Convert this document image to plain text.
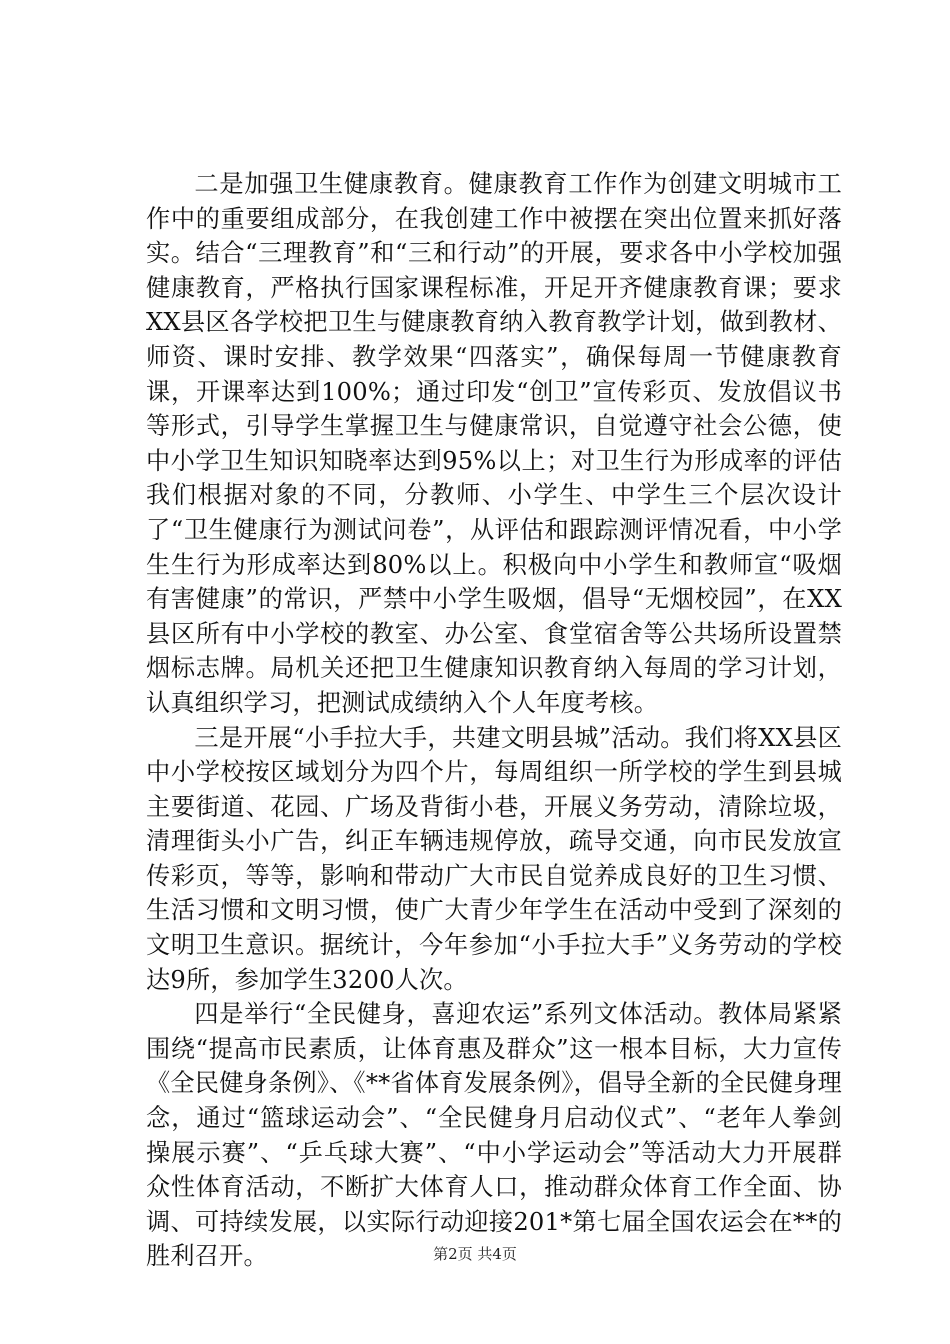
二是加强卫生健康教育。健康教育工作作为创建文明城市工作中的重要组成部分，在我创建工作中被摆在突出位置来抓好落实。结合“三理教育”和“三和行动”的开展，要求各中小学校加强健康教育，严格执行国家课程标准，开足开齐健康教育课；要求XX县区各学校把卫生与健康教育纳入教育教学计划，做到教材、师资、课时安排、教学效果“四落实”，确保每周一节健康教育课，开课率达到100%；通过印发“创卫”宣传彩页、发放倡议书等形式，引导学生掌握卫生与健康常识，自觉遵守社会公德，使中小学卫生知识知晓率达到95%以上；对卫生行为形成率的评估我们根据对象的不同，分教师、小学生、中学生三个层次设计了“卫生健康行为测试问卷”，从评估和跟踪测评情况看，中小学生生行为形成率达到80%以上。积极向中小学生和教师宣“吸烟有害健康”的常识，严禁中小学生吸烟，倡导“无烟校园”，在XX县区所有中小学校的教室、办公室、食堂宿舍等公共场所设置禁烟标志牌。局机关还把卫生健康知识教育纳入每周的学习计划，认真组织学习，把测试成绩纳入个人年度考核。

三是开展“小手拉大手，共建文明县城”活动。我们将XX县区中小学校按区域划分为四个片，每周组织一所学校的学生到县城主要街道、花园、广场及背街小巷，开展义务劳动，清除垃圾，清理街头小广告，纠正车辆违规停放，疏导交通，向市民发放宣传彩页，等等，影响和带动广大市民自觉养成良好的卫生习惯、生活习惯和文明习惯，使广大青少年学生在活动中受到了深刻的文明卫生意识。据统计，今年参加“小手拉大手”义务劳动的学校达9所，参加学生3200人次。

四是举行“全民健身，喜迎农运”系列文体活动。教体局紧紧围绕“提高市民素质，让体育惠及群众”这一根本目标，大力宣传《全民健身条例》、《**省体育发展条例》，倡导全新的全民健身理念，通过“篮球运动会”、“全民健身月启动仪式”、“老年人拳剑操展示赛”、“乒乓球大赛”、“中小学运动会”等活动大力开展群众性体育活动，不断扩大体育人口，推动群众体育工作全面、协调、可持续发展，以实际行动迎接201*第七届全国农运会在**的胜利召开。	第2页 共4页
